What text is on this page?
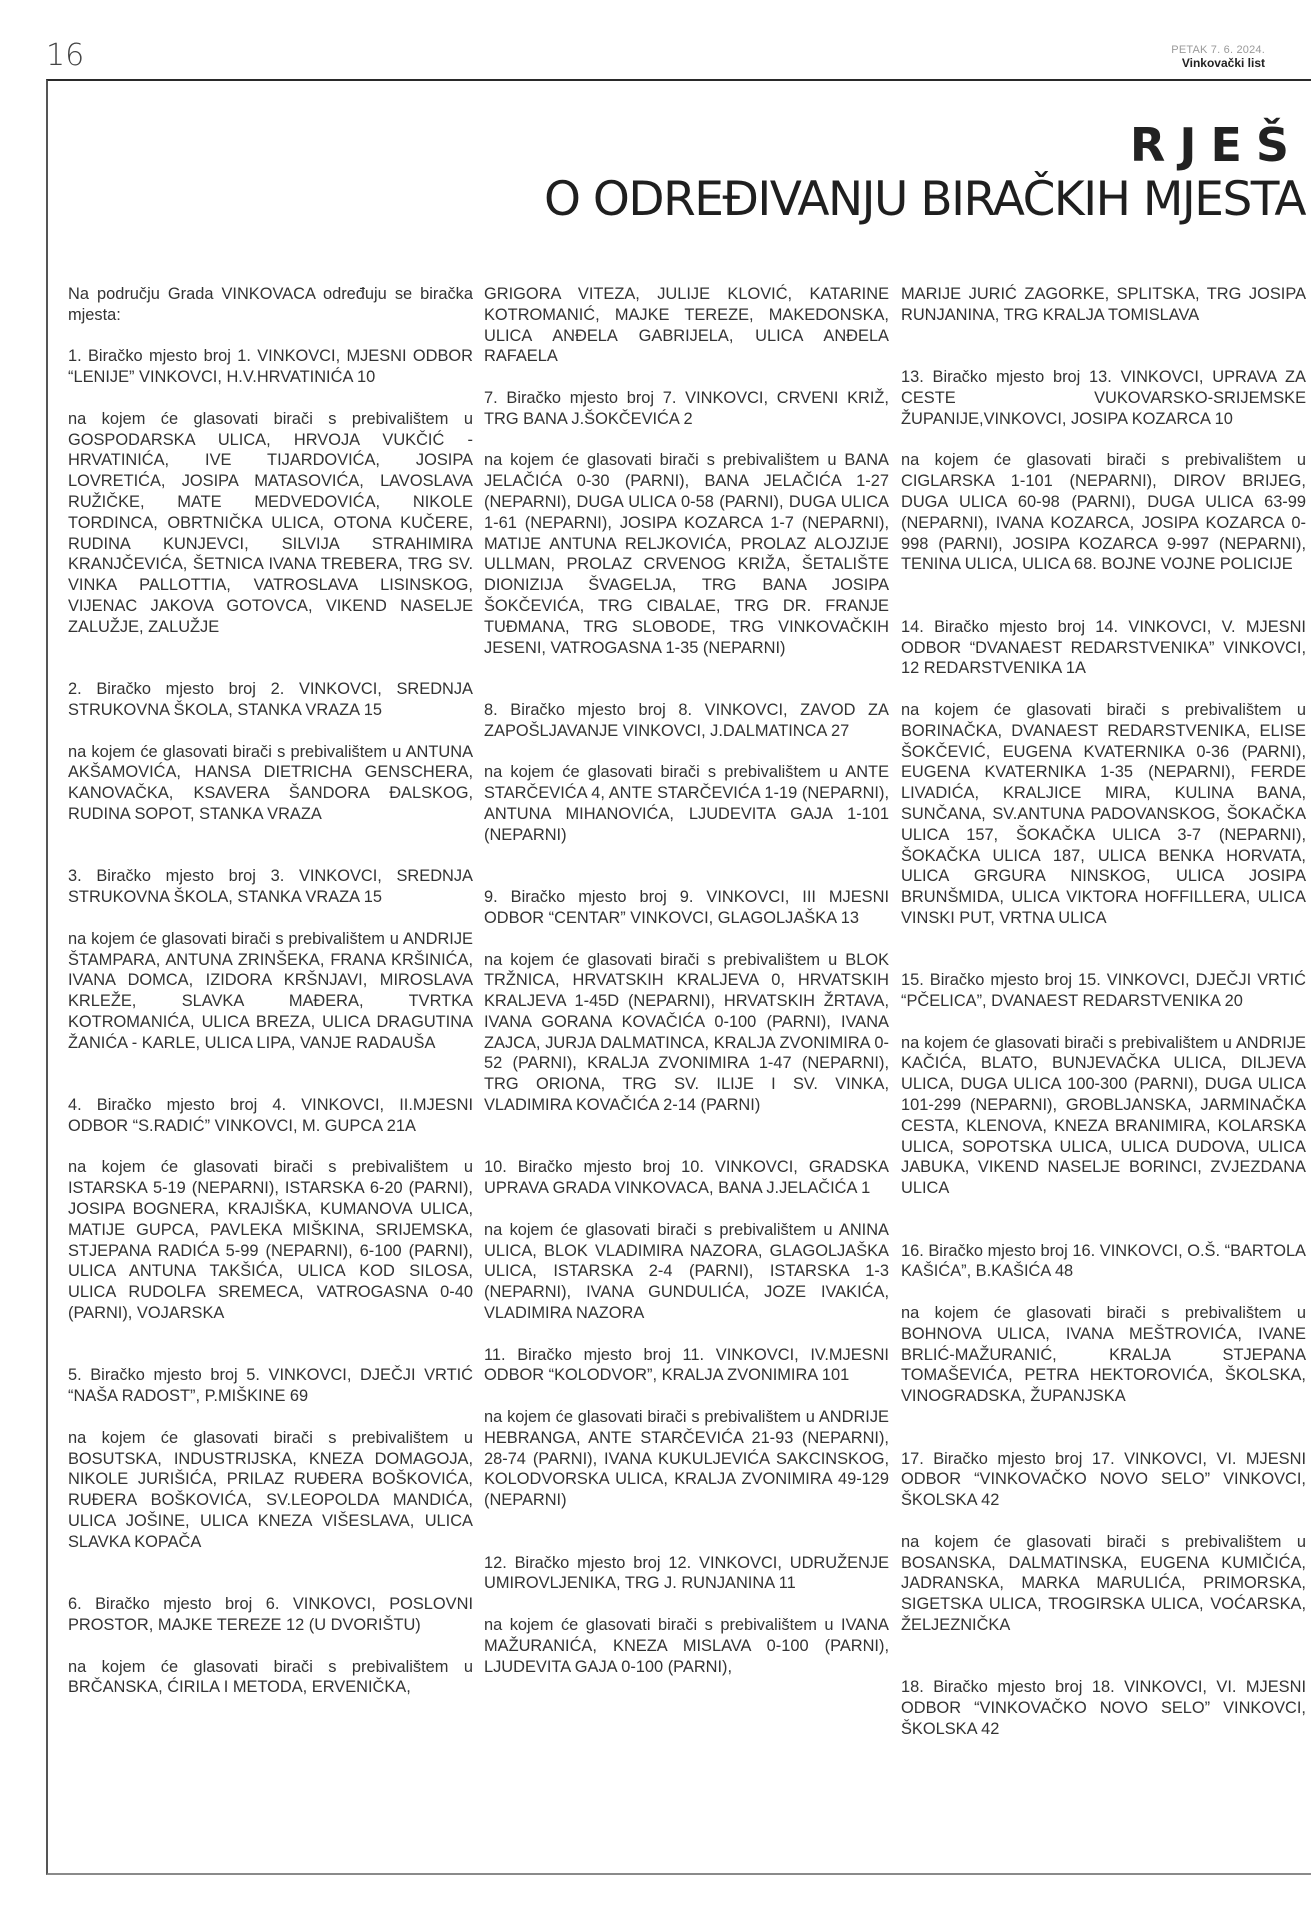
16	PETAK 7. 6. 2024.
Vinkovački list
RJEŠ
O ODREĐIVANJU BIRAČKIH MJESTA

Na području Grada VINKOVACA određuju se biračka mjesta:

1. Biračko mjesto broj 1. VINKOVCI, MJESNI ODBOR “LENIJE” VINKOVCI, H.V.HRVATINIĆA 10

na kojem će glasovati birači s prebivalištem u GOSPODARSKA ULICA, HRVOJA VUKČIĆ - HRVATINIĆA, IVE TIJARDOVIĆA, JOSIPA LOVRETIĆA, JOSIPA MATASOVIĆA, LAVOSLAVA RUŽIČKE, MATE MEDVEDOVIĆA, NIKOLE TORDINCA, OBRTNIČKA ULICA, OTONA KUČERE, RUDINA KUNJEVCI, SILVIJA STRAHIMIRA KRANJČEVIĆA, ŠETNICA IVANA TREBERA, TRG SV. VINKA PALLOTTIA, VATROSLAVA LISINSKOG, VIJENAC JAKOVA GOTOVCA, VIKEND NASELJE ZALUŽJE, ZALUŽJE

2. Biračko mjesto broj 2. VINKOVCI, SREDNJA STRUKOVNA ŠKOLA, STANKA VRAZA 15

na kojem će glasovati birači s prebivalištem u ANTUNA AKŠAMOVIĆA, HANSA DIETRICHA GENSCHERA, KANOVAČKA, KSAVERA ŠANDORA ĐALSKOG, RUDINA SOPOT, STANKA VRAZA

3. Biračko mjesto broj 3. VINKOVCI, SREDNJA STRUKOVNA ŠKOLA, STANKA VRAZA 15

na kojem će glasovati birači s prebivalištem u ANDRIJE ŠTAMPARA, ANTUNA ZRINŠEKA, FRANA KRŠINIĆA, IVANA DOMCA, IZIDORA KRŠNJAVI, MIROSLAVA KRLEŽE, SLAVKA MAĐERA, TVRTKA KOTROMANIĆA, ULICA BREZA, ULICA DRAGUTINA ŽANIĆA - KARLE, ULICA LIPA, VANJE RADAUŠA

4. Biračko mjesto broj 4. VINKOVCI, II.MJESNI ODBOR “S.RADIĆ” VINKOVCI, M. GUPCA 21A

na kojem će glasovati birači s prebivalištem u ISTARSKA 5-19 (NEPARNI), ISTARSKA 6-20 (PARNI), JOSIPA BOGNERA, KRAJIŠKA, KUMANOVA ULICA, MATIJE GUPCA, PAVLEKA MIŠKINA, SRIJEMSKA, STJEPANA RADIĆA 5-99 (NEPARNI), 6-100 (PARNI), ULICA ANTUNA TAKŠIĆA, ULICA KOD SILOSA, ULICA RUDOLFA SREMECA, VATROGASNA 0-40 (PARNI), VOJARSKA

5. Biračko mjesto broj 5. VINKOVCI, DJEČJI VRTIĆ “NAŠA RADOST”, P.MIŠKINE 69

na kojem će glasovati birači s prebivalištem u BOSUTSKA, INDUSTRIJSKA, KNEZA DOMAGOJA, NIKOLE JURIŠIĆA, PRILAZ RUĐERA BOŠKOVIĆA, RUĐERA BOŠKOVIĆA, SV.LEOPOLDA MANDIĆA, ULICA JOŠINE, ULICA KNEZA VIŠESLAVA, ULICA SLAVKA KOPAČA

6. Biračko mjesto broj 6. VINKOVCI, POSLOVNI PROSTOR, MAJKE TEREZE 12 (U DVORIŠTU)

na kojem će glasovati birači s prebivalištem u BRČANSKA, ĆIRILA I METODA, ERVENIČKA,

GRIGORA VITEZA, JULIJE KLOVIĆ, KATARINE KOTROMANIĆ, MAJKE TEREZE, MAKEDONSKA, ULICA ANĐELA GABRIJELA, ULICA ANĐELA RAFAELA

7. Biračko mjesto broj 7. VINKOVCI, CRVENI KRIŽ, TRG BANA J.ŠOKČEVIĆA 2

na kojem će glasovati birači s prebivalištem u BANA JELAČIĆA 0-30 (PARNI), BANA JELAČIĆA 1-27 (NEPARNI), DUGA ULICA 0-58 (PARNI), DUGA ULICA 1-61 (NEPARNI), JOSIPA KOZARCA 1-7 (NEPARNI), MATIJE ANTUNA RELJKOVIĆA, PROLAZ ALOJZIJE ULLMAN, PROLAZ CRVENOG KRIŽA, ŠETALIŠTE DIONIZIJA ŠVAGELJA, TRG BANA JOSIPA ŠOKČEVIĆA, TRG CIBALAE, TRG DR. FRANJE TUĐMANA, TRG SLOBODE, TRG VINKOVAČKIH JESENI, VATROGASNA 1-35 (NEPARNI)

8. Biračko mjesto broj 8. VINKOVCI, ZAVOD ZA ZAPOŠLJAVANJE VINKOVCI, J.DALMATINCA 27

na kojem će glasovati birači s prebivalištem u ANTE STARČEVIĆA 4, ANTE STARČEVIĆA 1-19 (NEPARNI), ANTUNA MIHANOVIĆA, LJUDEVITA GAJA 1-101 (NEPARNI)

9. Biračko mjesto broj 9. VINKOVCI, III MJESNI ODBOR “CENTAR” VINKOVCI, GLAGOLJAŠKA 13

na kojem će glasovati birači s prebivalištem u BLOK TRŽNICA, HRVATSKIH KRALJEVA 0, HRVATSKIH KRALJEVA 1-45D (NEPARNI), HRVATSKIH ŽRTAVA, IVANA GORANA KOVAČIĆA 0-100 (PARNI), IVANA ZAJCA, JURJA DALMATINCA, KRALJA ZVONIMIRA 0-52 (PARNI), KRALJA ZVONIMIRA 1-47 (NEPARNI), TRG ORIONA, TRG SV. ILIJE I SV. VINKA, VLADIMIRA KOVAČIĆA 2-14 (PARNI)

10. Biračko mjesto broj 10. VINKOVCI, GRADSKA UPRAVA GRADA VINKOVACA, BANA J.JELAČIĆA 1

na kojem će glasovati birači s prebivalištem u ANINA ULICA, BLOK VLADIMIRA NAZORA, GLAGOLJAŠKA ULICA, ISTARSKA 2-4 (PARNI), ISTARSKA 1-3 (NEPARNI), IVANA GUNDULIĆA, JOZE IVAKIĆA, VLADIMIRA NAZORA

11. Biračko mjesto broj 11. VINKOVCI, IV.MJESNI ODBOR “KOLODVOR”, KRALJA ZVONIMIRA 101

na kojem će glasovati birači s prebivalištem u ANDRIJE HEBRANGA, ANTE STARČEVIĆA 21-93 (NEPARNI), 28-74 (PARNI), IVANA KUKULJEVIĆA SAKCINSKOG, KOLODVORSKA ULICA, KRALJA ZVONIMIRA 49-129 (NEPARNI)

12. Biračko mjesto broj 12. VINKOVCI, UDRUŽENJE UMIROVLJENIKA, TRG J. RUNJANINA 11

na kojem će glasovati birači s prebivalištem u IVANA MAŽURANIĆA, KNEZA MISLAVA 0-100 (PARNI), LJUDEVITA GAJA 0-100 (PARNI),

MARIJE JURIĆ ZAGORKE, SPLITSKA, TRG JOSIPA RUNJANINA, TRG KRALJA TOMISLAVA

13. Biračko mjesto broj 13. VINKOVCI, UPRAVA ZA CESTE VUKOVARSKO-SRIJEMSKE ŽUPANIJE,VINKOVCI, JOSIPA KOZARCA 10

na kojem će glasovati birači s prebivalištem u CIGLARSKA 1-101 (NEPARNI), DIROV BRIJEG, DUGA ULICA 60-98 (PARNI), DUGA ULICA 63-99 (NEPARNI), IVANA KOZARCA, JOSIPA KOZARCA 0-998 (PARNI), JOSIPA KOZARCA 9-997 (NEPARNI), TENINA ULICA, ULICA 68. BOJNE VOJNE POLICIJE

14. Biračko mjesto broj 14. VINKOVCI, V. MJESNI ODBOR “DVANAEST REDARSTVENIKA” VINKOVCI, 12 REDARSTVENIKA 1A

na kojem će glasovati birači s prebivalištem u BORINAČKA, DVANAEST REDARSTVENIKA, ELISE ŠOKČEVIĆ, EUGENA KVATERNIKA 0-36 (PARNI), EUGENA KVATERNIKA 1-35 (NEPARNI), FERDE LIVADIĆA, KRALJICE MIRA, KULINA BANA, SUNČANA, SV.ANTUNA PADOVANSKOG, ŠOKAČKA ULICA 157, ŠOKAČKA ULICA 3-7 (NEPARNI), ŠOKAČKA ULICA 187, ULICA BENKA HORVATA, ULICA GRGURA NINSKOG, ULICA JOSIPA BRUNŠMIDA, ULICA VIKTORA HOFFILLERA, ULICA VINSKI PUT, VRTNA ULICA

15. Biračko mjesto broj 15. VINKOVCI, DJEČJI VRTIĆ “PČELICA”, DVANAEST REDARSTVENIKA 20

na kojem će glasovati birači s prebivalištem u ANDRIJE KAČIĆA, BLATO, BUNJEVAČKA ULICA, DILJEVA ULICA, DUGA ULICA 100-300 (PARNI), DUGA ULICA 101-299 (NEPARNI), GROBLJANSKA, JARMINAČKA CESTA, KLENOVA, KNEZA BRANIMIRA, KOLARSKA ULICA, SOPOTSKA ULICA, ULICA DUDOVA, ULICA JABUKA, VIKEND NASELJE BORINCI, ZVJEZDANA ULICA

16. Biračko mjesto broj 16. VINKOVCI, O.Š. “BARTOLA KAŠIĆA”, B.KAŠIĆA 48

na kojem će glasovati birači s prebivalištem u BOHNOVA ULICA, IVANA MEŠTROVIĆA, IVANE BRLIĆ-MAŽURANIĆ, KRALJA STJEPANA TOMAŠEVIĆA, PETRA HEKTOROVIĆA, ŠKOLSKA, VINOGRADSKA, ŽUPANJSKA

17. Biračko mjesto broj 17. VINKOVCI, VI. MJESNI ODBOR “VINKOVAČKO NOVO SELO” VINKOVCI, ŠKOLSKA 42

na kojem će glasovati birači s prebivalištem u BOSANSKA, DALMATINSKA, EUGENA KUMIČIĆA, JADRANSKA, MARKA MARULIĆA, PRIMORSKA, SIGETSKA ULICA, TROGIRSKA ULICA, VOĆARSKA, ŽELJEZNIČKA

18. Biračko mjesto broj 18. VINKOVCI, VI. MJESNI ODBOR “VINKOVAČKO NOVO SELO” VINKOVCI, ŠKOLSKA 42
